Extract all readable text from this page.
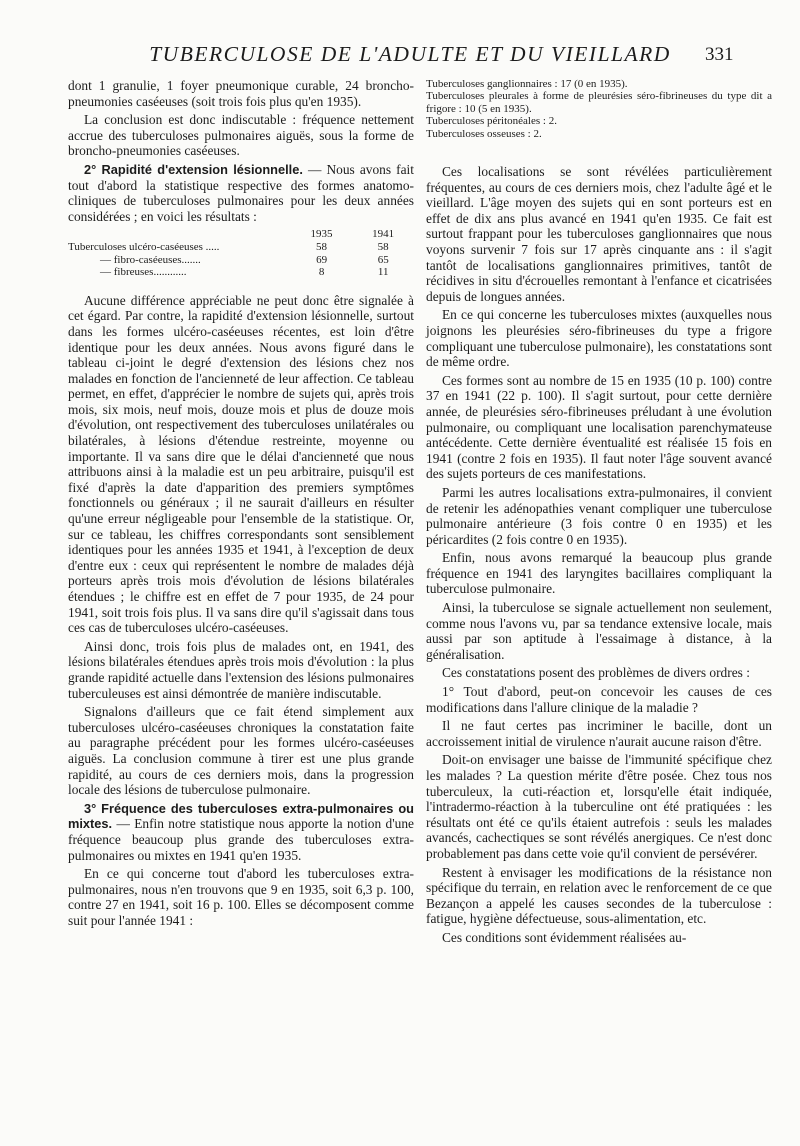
TUBERCULOSE DE L'ADULTE ET DU VIEILLARD	331

dont 1 granulie, 1 foyer pneumonique curable, 24 broncho-pneumonies caséeuses (soit trois fois plus qu'en 1935).

La conclusion est donc indiscutable : fréquence nettement accrue des tuberculoses pulmonaires aiguës, sous la forme de broncho-pneumonies caséeuses.

2° Rapidité d'extension lésionnelle. — Nous avons fait tout d'abord la statistique respective des formes anatomo-cliniques de tuberculoses pulmonaires pour les deux années considérées ; en voici les résultats :

1935	1941
Tuberculoses ulcéro-caséeuses .....	58	58
— fibro-caséeuses.......	69	65
— fibreuses............	8	11

Aucune différence appréciable ne peut donc être signalée à cet égard. Par contre, la rapidité d'extension lésionnelle, surtout dans les formes ulcéro-caséeuses récentes, est loin d'être identique pour les deux années. Nous avons figuré dans le tableau ci-joint le degré d'extension des lésions chez nos malades en fonction de l'ancienneté de leur affection. Ce tableau permet, en effet, d'apprécier le nombre de sujets qui, après trois mois, six mois, neuf mois, douze mois et plus de douze mois d'évolution, ont respectivement des tuberculoses unilatérales ou bilatérales, à lésions d'étendue restreinte, moyenne ou importante. Il va sans dire que le délai d'ancienneté que nous attribuons ainsi à la maladie est un peu arbitraire, puisqu'il est fixé d'après la date d'apparition des premiers symptômes fonctionnels ou généraux ; il ne saurait d'ailleurs en résulter qu'une erreur négligeable pour l'ensemble de la statistique. Or, sur ce tableau, les chiffres correspondants sont sensiblement identiques pour les années 1935 et 1941, à l'exception de deux d'entre eux : ceux qui représentent le nombre de malades déjà porteurs après trois mois d'évolution de lésions bilatérales étendues ; le chiffre est en effet de 7 pour 1935, de 24 pour 1941, soit trois fois plus. Il va sans dire qu'il s'agissait dans tous ces cas de tuberculoses ulcéro-caséeuses.

Ainsi donc, trois fois plus de malades ont, en 1941, des lésions bilatérales étendues après trois mois d'évolution : la plus grande rapidité actuelle dans l'extension des lésions pulmonaires tuberculeuses est ainsi démontrée de manière indiscutable.

Signalons d'ailleurs que ce fait étend simplement aux tuberculoses ulcéro-caséeuses chroniques la constatation faite au paragraphe précédent pour les formes ulcéro-caséeuses aiguës. La conclusion commune à tirer est une plus grande rapidité, au cours de ces derniers mois, dans la progression locale des lésions de tuberculose pulmonaire.

3° Fréquence des tuberculoses extra-pulmonaires ou mixtes. — Enfin notre statistique nous apporte la notion d'une fréquence beaucoup plus grande des tuberculoses extra-pulmonaires ou mixtes en 1941 qu'en 1935.

En ce qui concerne tout d'abord les tuberculoses extra-pulmonaires, nous n'en trouvons que 9 en 1935, soit 6,3 p. 100, contre 27 en 1941, soit 16 p. 100. Elles se décomposent comme suit pour l'année 1941 :

Tuberculoses ganglionnaires : 17 (0 en 1935).
Tuberculoses pleurales à forme de pleurésies séro-fibrineuses du type dit a frigore : 10 (5 en 1935).
Tuberculoses péritonéales : 2.
Tuberculoses osseuses : 2.

Ces localisations se sont révélées particulièrement fréquentes, au cours de ces derniers mois, chez l'adulte âgé et le vieillard. L'âge moyen des sujets qui en sont porteurs est en effet de dix ans plus avancé en 1941 qu'en 1935. Ce fait est surtout frappant pour les tuberculoses ganglionnaires que nous voyons survenir 7 fois sur 17 après cinquante ans : il s'agit tantôt de localisations ganglionnaires primitives, tantôt de récidives in situ d'écrouelles remontant à l'enfance et cicatrisées depuis de longues années.

En ce qui concerne les tuberculoses mixtes (auxquelles nous joignons les pleurésies séro-fibrineuses du type a frigore compliquant une tuberculose pulmonaire), les constatations sont de même ordre.

Ces formes sont au nombre de 15 en 1935 (10 p. 100) contre 37 en 1941 (22 p. 100). Il s'agit surtout, pour cette dernière année, de pleurésies séro-fibrineuses préludant à une évolution pulmonaire, ou compliquant une localisation parenchymateuse antécédente. Cette dernière éventualité est réalisée 15 fois en 1941 (contre 2 fois en 1935). Il faut noter l'âge souvent avancé des sujets porteurs de ces manifestations.

Parmi les autres localisations extra-pulmonaires, il convient de retenir les adénopathies venant compliquer une tuberculose pulmonaire antérieure (3 fois contre 0 en 1935) et les péricardites (2 fois contre 0 en 1935).

Enfin, nous avons remarqué la beaucoup plus grande fréquence en 1941 des laryngites bacillaires compliquant la tuberculose pulmonaire.

Ainsi, la tuberculose se signale actuellement non seulement, comme nous l'avons vu, par sa tendance extensive locale, mais aussi par son aptitude à l'essaimage à distance, à la généralisation.

Ces constatations posent des problèmes de divers ordres :

1° Tout d'abord, peut-on concevoir les causes de ces modifications dans l'allure clinique de la maladie ?

Il ne faut certes pas incriminer le bacille, dont un accroissement initial de virulence n'aurait aucune raison d'être.

Doit-on envisager une baisse de l'immunité spécifique chez les malades ? La question mérite d'être posée. Chez tous nos tuberculeux, la cuti-réaction et, lorsqu'elle était indiquée, l'intradermo-réaction à la tuberculine ont été pratiquées : les résultats ont été ce qu'ils étaient autrefois : seuls les malades avancés, cachectiques se sont révélés anergiques. Ce n'est donc probablement pas dans cette voie qu'il convient de persévérer.

Restent à envisager les modifications de la résistance non spécifique du terrain, en relation avec le renforcement de ce que Bezançon a appelé les causes secondes de la tuberculose : fatigue, hygiène défectueuse, sous-alimentation, etc.

Ces conditions sont évidemment réalisées au-
